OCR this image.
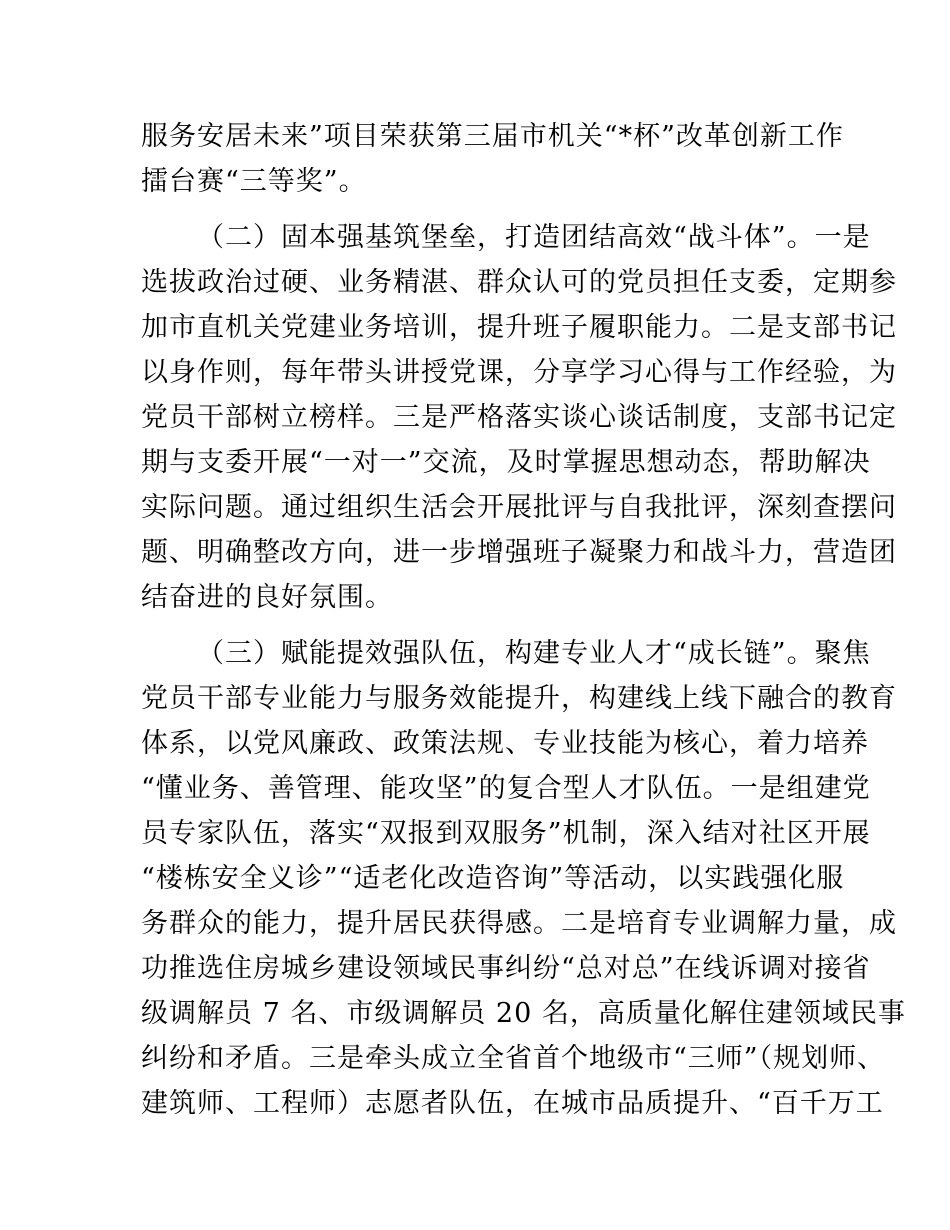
服务安居未来”项目荣获第三届市机关“*杯”改革创新工作
擂台赛“三等奖”。
（二）固本强基筑堡垒，打造团结高效“战斗体”。一是
选拔政治过硬、业务精湛、群众认可的党员担任支委，定期参
加市直机关党建业务培训，提升班子履职能力。二是支部书记
以身作则，每年带头讲授党课，分享学习心得与工作经验，为
党员干部树立榜样。三是严格落实谈心谈话制度，支部书记定
期与支委开展“一对一”交流，及时掌握思想动态，帮助解决
实际问题。通过组织生活会开展批评与自我批评，深刻查摆问
题、明确整改方向，进一步增强班子凝聚力和战斗力，营造团
结奋进的良好氛围。
（三）赋能提效强队伍，构建专业人才“成长链”。聚焦
党员干部专业能力与服务效能提升，构建线上线下融合的教育
体系，以党风廉政、政策法规、专业技能为核心，着力培养
“懂业务、善管理、能攻坚”的复合型人才队伍。一是组建党
员专家队伍，落实“双报到双服务”机制，深入结对社区开展
“楼栋安全义诊”“适老化改造咨询”等活动，以实践强化服
务群众的能力，提升居民获得感。二是培育专业调解力量，成
功推选住房城乡建设领域民事纠纷“总对总”在线诉调对接省
级调解员 7 名、市级调解员 20 名，高质量化解住建领域民事
纠纷和矛盾。三是牵头成立全省首个地级市“三师”（规划师、
建筑师、工程师）志愿者队伍，在城市品质提升、“百千万工
